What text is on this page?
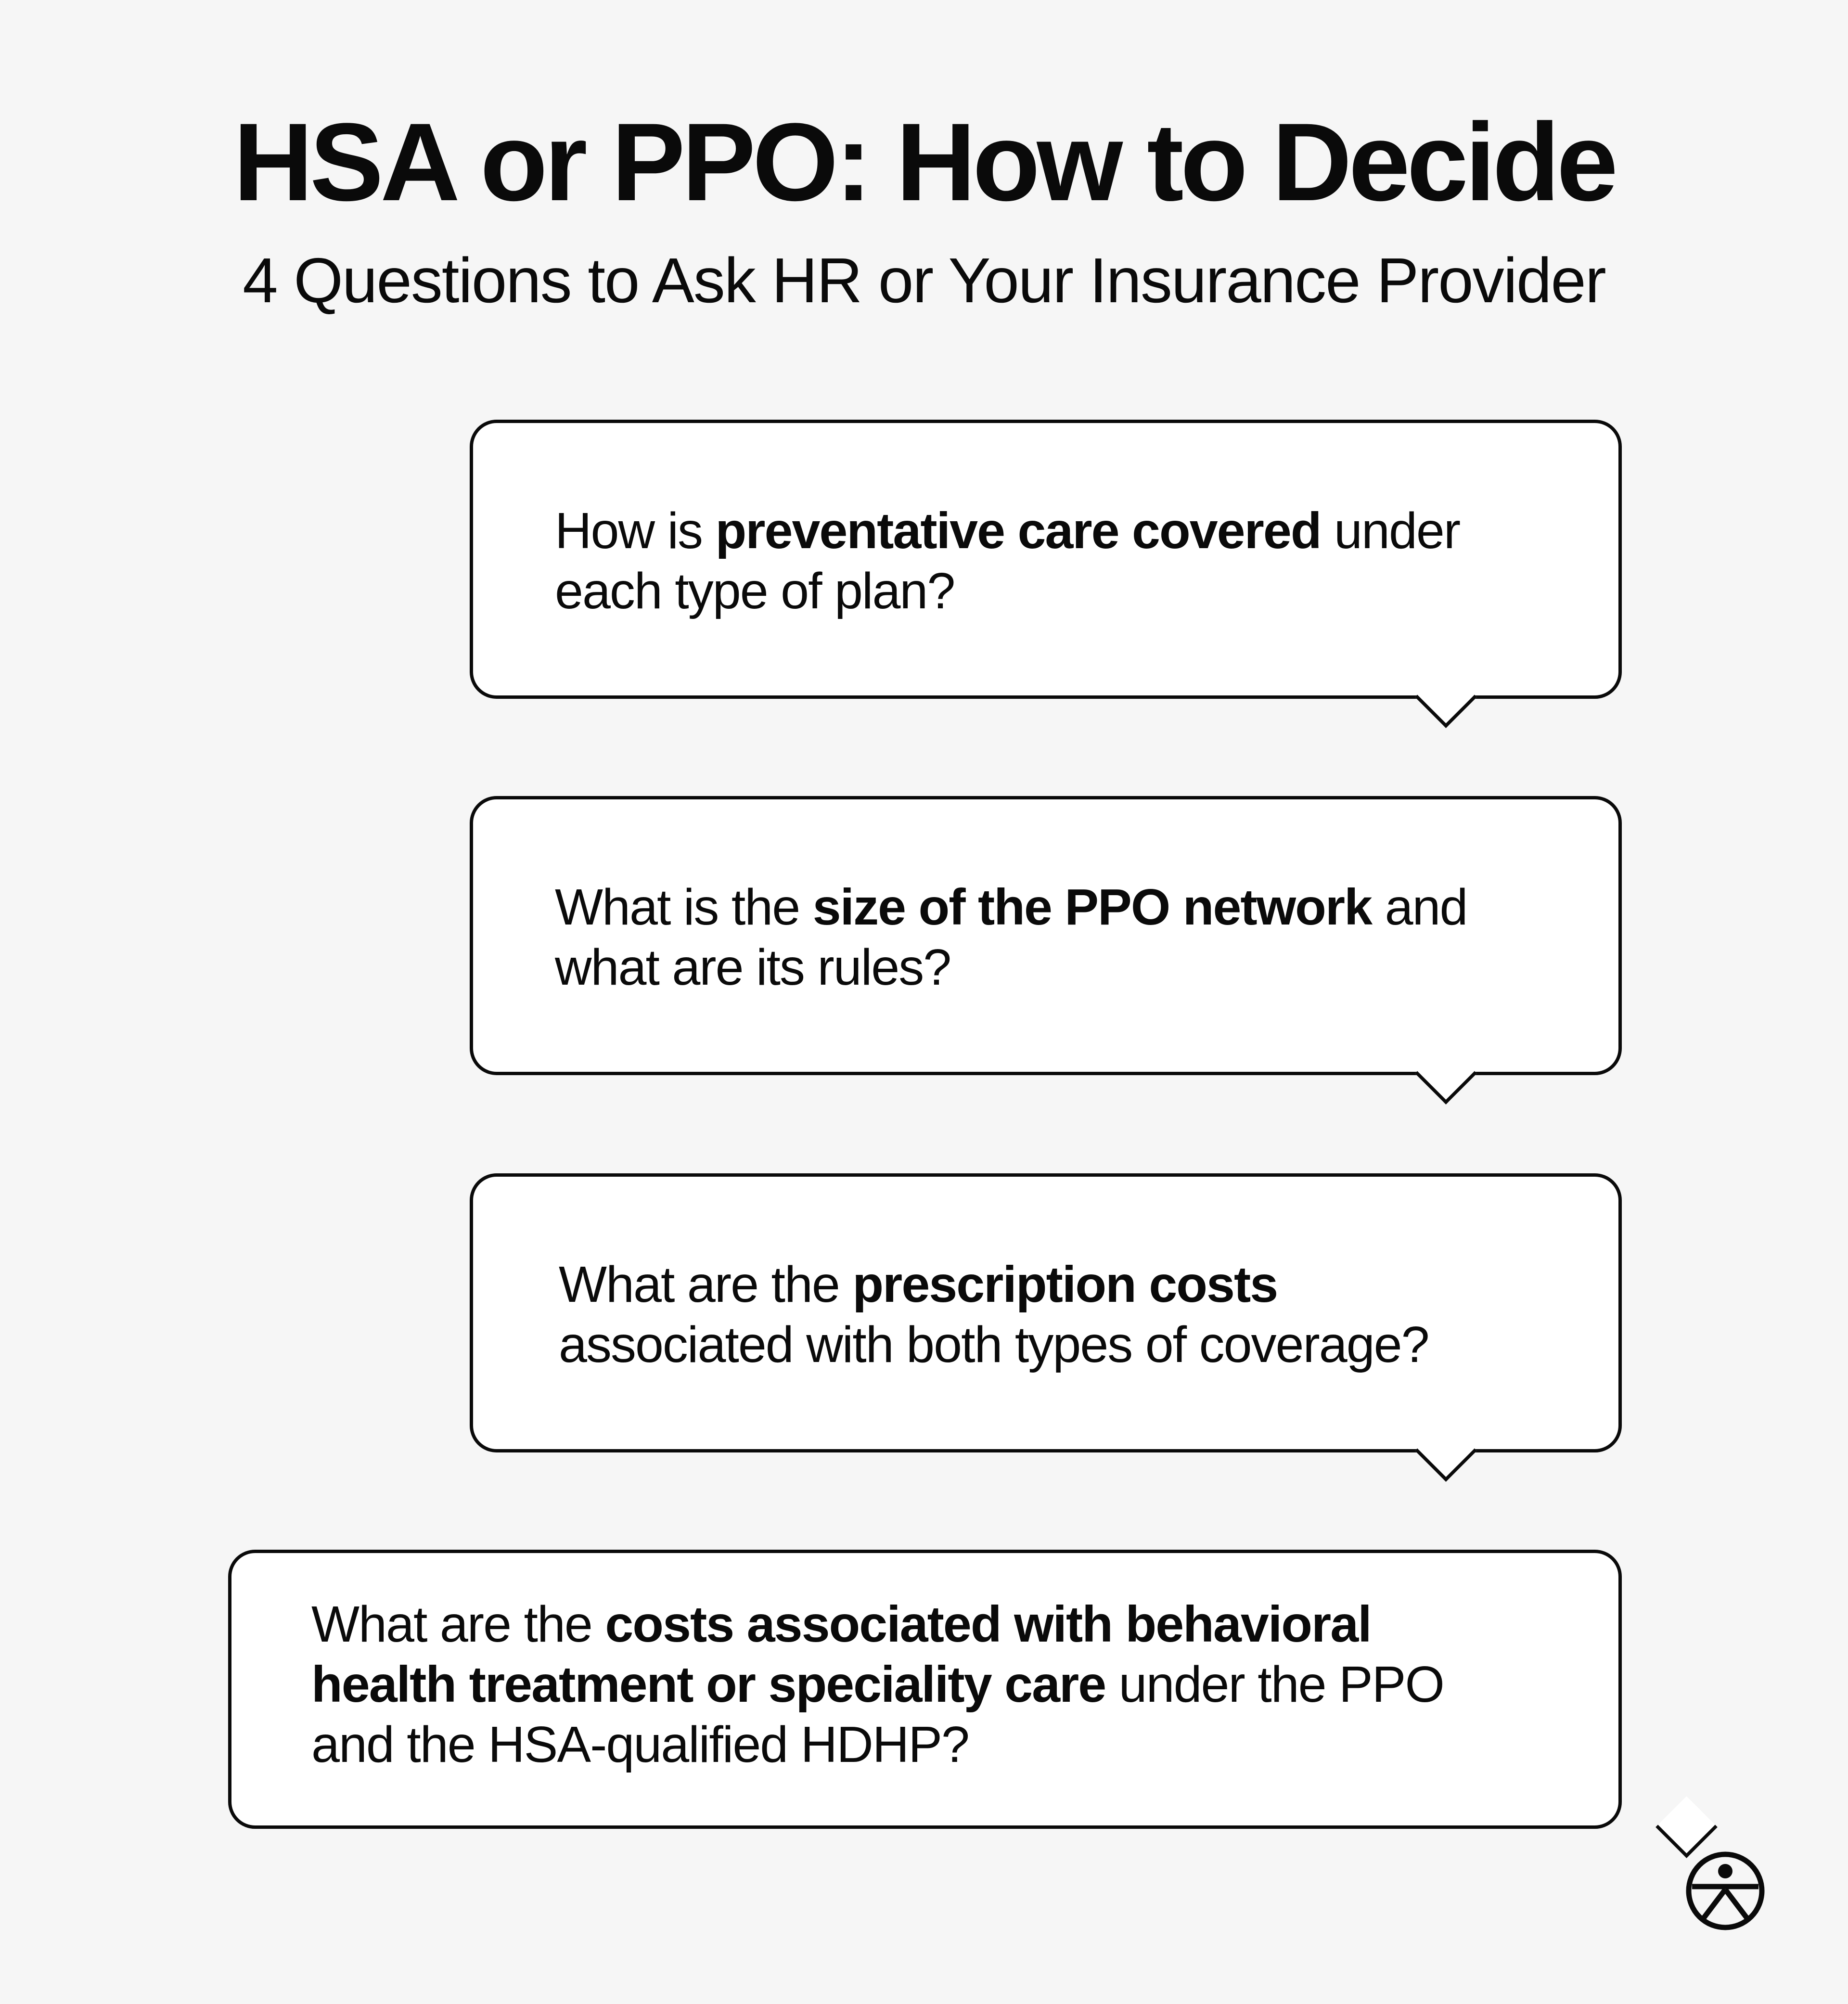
HSA or PPO: How to Decide
4 Questions to Ask HR or Your Insurance Provider
How is preventative care covered under
each type of plan?
What is the size of the PPO network and
what are its rules?
What are the prescription costs
associated with both types of coverage?
What are the costs associated with behavioral
health treatment or speciality care under the PPO
and the HSA-qualified HDHP?
